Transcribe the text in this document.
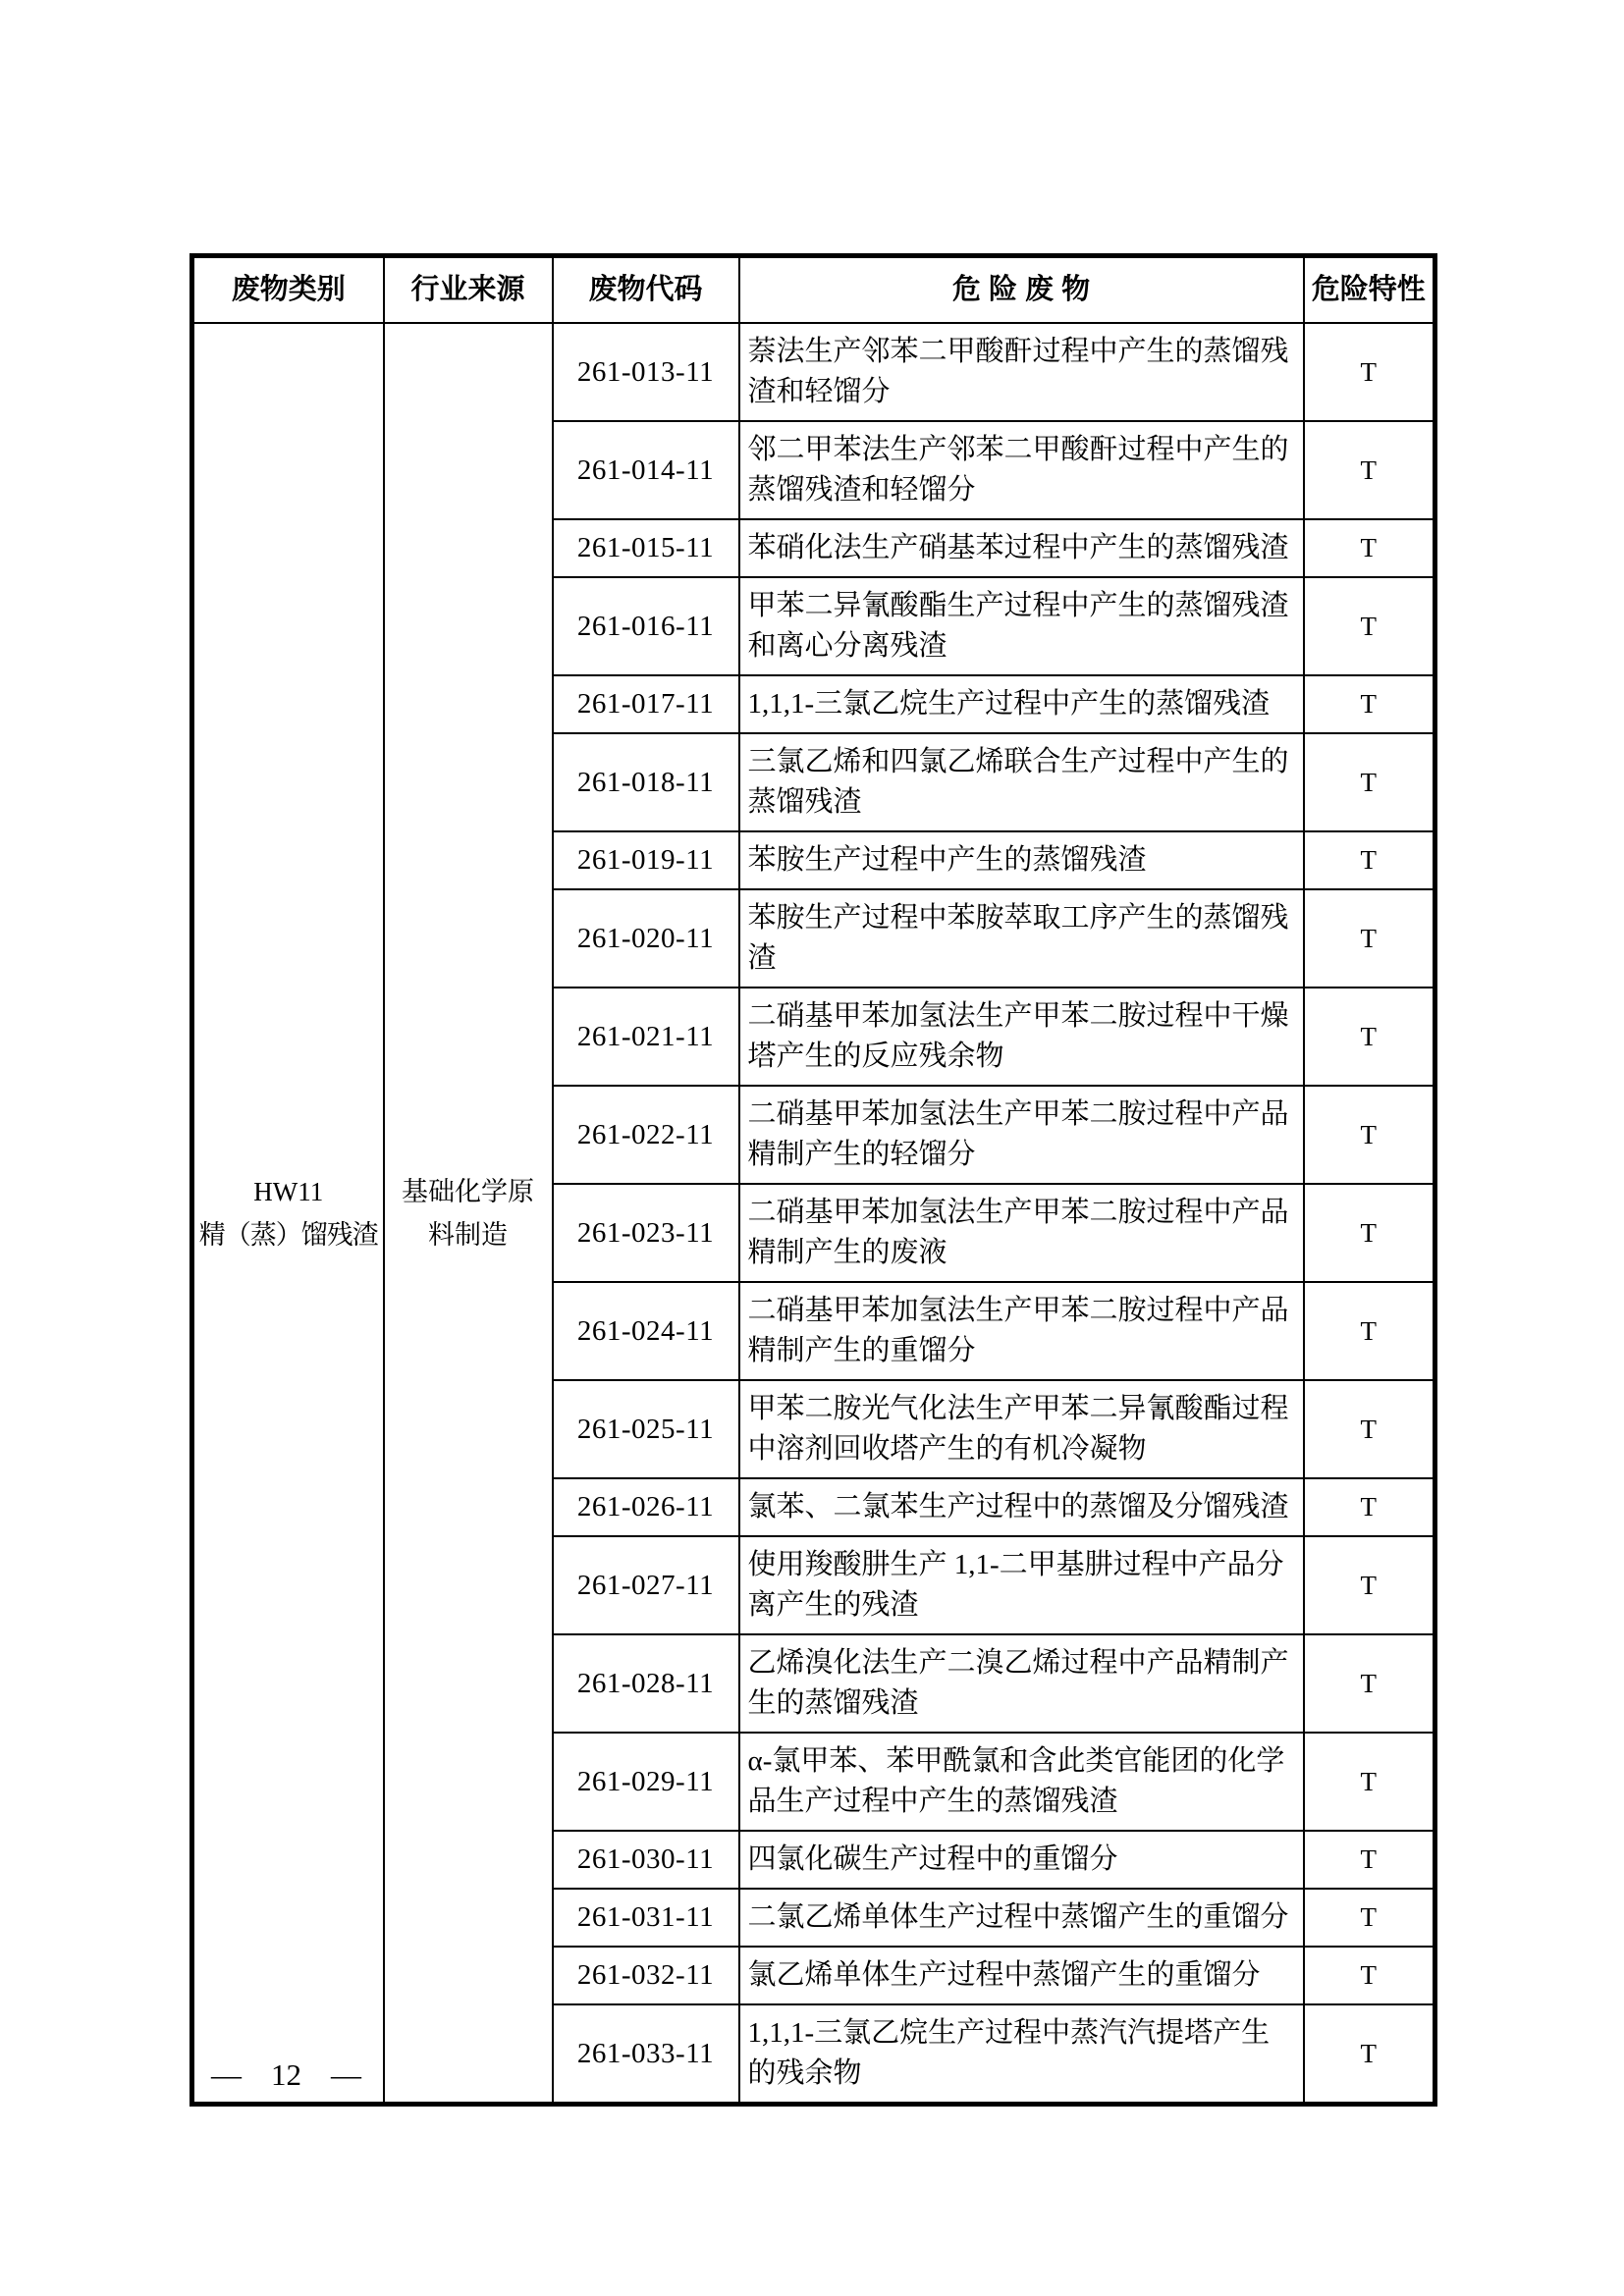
废物类别	行业来源	废物代码	危 险 废 物	危险特性

HW11
精（蒸）馏残渣

基础化学原
料制造
	261-013-11	萘法生产邻苯二甲酸酐过程中产生的蒸馏残渣和轻馏分	T
		261-014-11	邻二甲苯法生产邻苯二甲酸酐过程中产生的蒸馏残渣和轻馏分	T
		261-015-11	苯硝化法生产硝基苯过程中产生的蒸馏残渣	T
		261-016-11	甲苯二异氰酸酯生产过程中产生的蒸馏残渣和离心分离残渣	T
		261-017-11	1,1,1-三氯乙烷生产过程中产生的蒸馏残渣	T
		261-018-11	三氯乙烯和四氯乙烯联合生产过程中产生的蒸馏残渣	T
		261-019-11	苯胺生产过程中产生的蒸馏残渣	T
		261-020-11	苯胺生产过程中苯胺萃取工序产生的蒸馏残渣	T
		261-021-11	二硝基甲苯加氢法生产甲苯二胺过程中干燥塔产生的反应残余物	T
		261-022-11	二硝基甲苯加氢法生产甲苯二胺过程中产品精制产生的轻馏分	T
		261-023-11	二硝基甲苯加氢法生产甲苯二胺过程中产品精制产生的废液	T
		261-024-11	二硝基甲苯加氢法生产甲苯二胺过程中产品精制产生的重馏分	T
		261-025-11	甲苯二胺光气化法生产甲苯二异氰酸酯过程中溶剂回收塔产生的有机冷凝物	T
		261-026-11	氯苯、二氯苯生产过程中的蒸馏及分馏残渣	T
		261-027-11	使用羧酸肼生产 1,1-二甲基肼过程中产品分离产生的残渣	T
		261-028-11	乙烯溴化法生产二溴乙烯过程中产品精制产生的蒸馏残渣	T
		261-029-11	α-氯甲苯、苯甲酰氯和含此类官能团的化学品生产过程中产生的蒸馏残渣	T
		261-030-11	四氯化碳生产过程中的重馏分	T
		261-031-11	二氯乙烯单体生产过程中蒸馏产生的重馏分	T
		261-032-11	氯乙烯单体生产过程中蒸馏产生的重馏分	T
		261-033-11	1,1,1-三氯乙烷生产过程中蒸汽汽提塔产生的残余物	T
— 12 —
